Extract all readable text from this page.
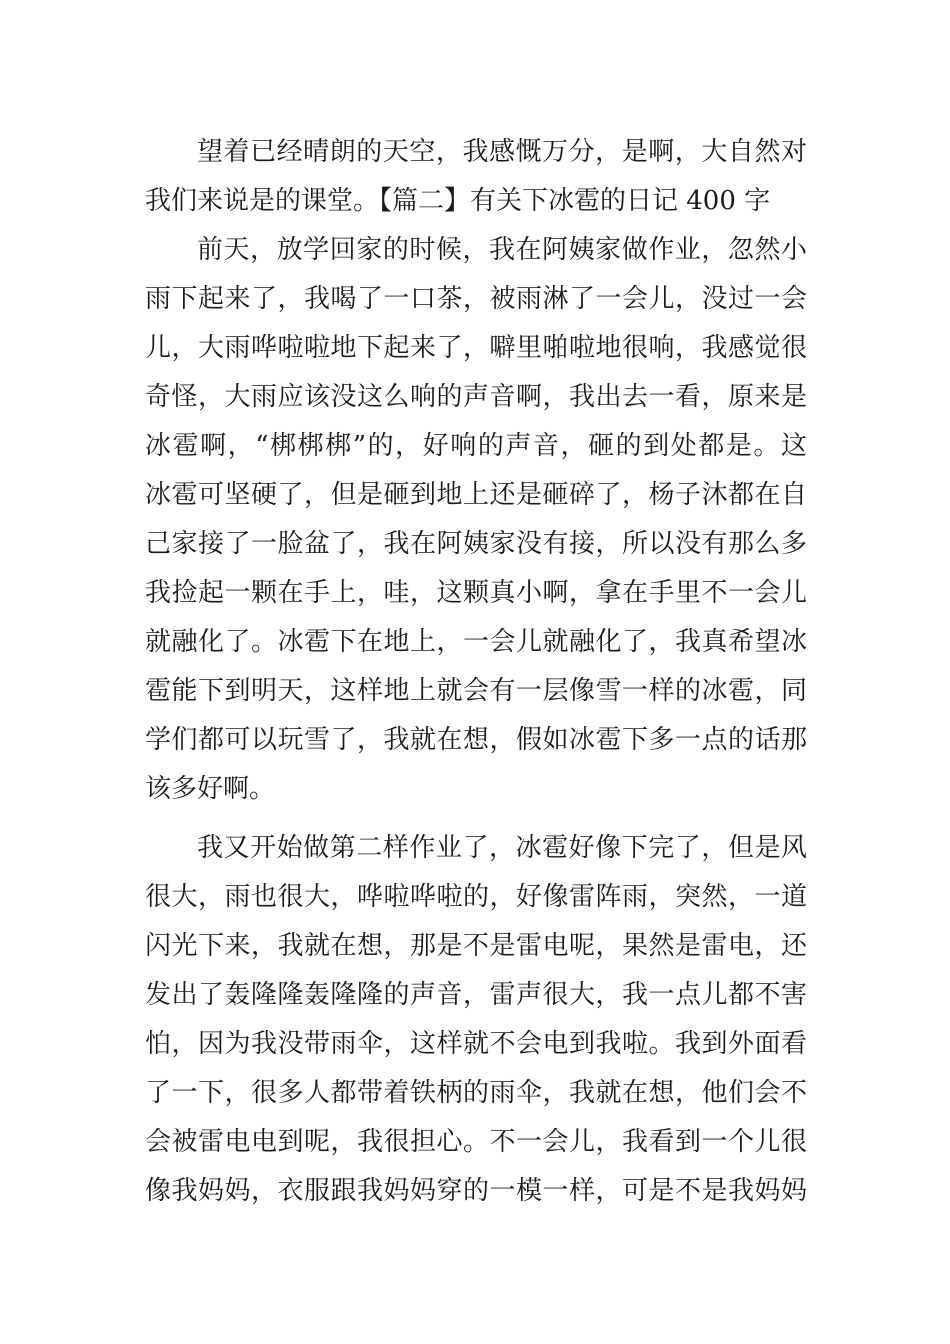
望着已经晴朗的天空，我感慨万分，是啊，大自然对
我们来说是的课堂。【篇二】有关下冰雹的日记 400 字
前天，放学回家的时候，我在阿姨家做作业，忽然小
雨下起来了，我喝了一口茶，被雨淋了一会儿，没过一会
儿，大雨哗啦啦地下起来了，噼里啪啦地很响，我感觉很
奇怪，大雨应该没这么响的声音啊，我出去一看，原来是
冰雹啊，“梆梆梆”的，好响的声音，砸的到处都是。这
冰雹可坚硬了，但是砸到地上还是砸碎了，杨子沐都在自
己家接了一脸盆了，我在阿姨家没有接，所以没有那么多
我捡起一颗在手上，哇，这颗真小啊，拿在手里不一会儿
就融化了。冰雹下在地上，一会儿就融化了，我真希望冰
雹能下到明天，这样地上就会有一层像雪一样的冰雹，同
学们都可以玩雪了，我就在想，假如冰雹下多一点的话那
该多好啊。
我又开始做第二样作业了，冰雹好像下完了，但是风
很大，雨也很大，哗啦哗啦的，好像雷阵雨，突然，一道
闪光下来，我就在想，那是不是雷电呢，果然是雷电，还
发出了轰隆隆轰隆隆的声音，雷声很大，我一点儿都不害
怕，因为我没带雨伞，这样就不会电到我啦。我到外面看
了一下，很多人都带着铁柄的雨伞，我就在想，他们会不
会被雷电电到呢，我很担心。不一会儿，我看到一个儿很
像我妈妈，衣服跟我妈妈穿的一模一样，可是不是我妈妈
